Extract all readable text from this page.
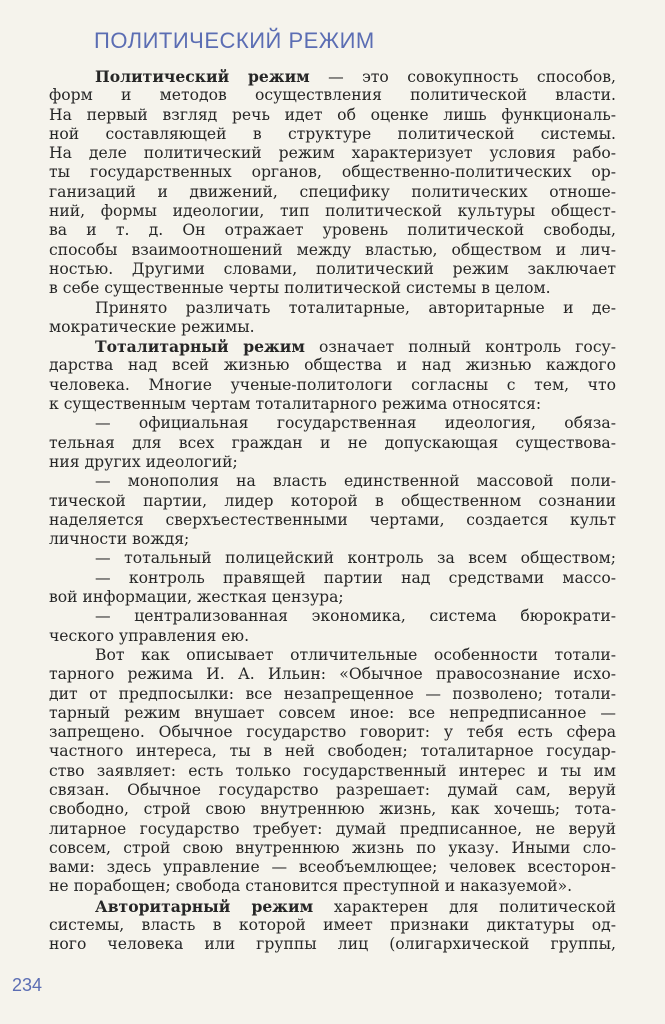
ПОЛИТИЧЕСКИЙ РЕЖИМ
Политический режим — это совокупность способов,
форм и методов осуществления политической власти.
На первый взгляд речь идет об оценке лишь функциональ-
ной составляющей в структуре политической системы.
На деле политический режим характеризует условия рабо-
ты государственных органов, общественно-политических ор-
ганизаций и движений, специфику политических отноше-
ний, формы идеологии, тип политической культуры общест-
ва и т. д. Он отражает уровень политической свободы,
способы взаимоотношений между властью, обществом и лич-
ностью. Другими словами, политический режим заключает
в себе существенные черты политической системы в целом.
Принято различать тоталитарные, авторитарные и де-
мократические режимы.
Тоталитарный режим означает полный контроль госу-
дарства над всей жизнью общества и над жизнью каждого
человека. Многие ученые-политологи согласны с тем, что
к существенным чертам тоталитарного режима относятся:
— официальная государственная идеология, обяза-
тельная для всех граждан и не допускающая существова-
ния других идеологий;
— монополия на власть единственной массовой поли-
тической партии, лидер которой в общественном сознании
наделяется сверхъестественными чертами, создается культ
личности вождя;
— тотальный полицейский контроль за всем обществом;
— контроль правящей партии над средствами массо-
вой информации, жесткая цензура;
— централизованная экономика, система бюрократи-
ческого управления ею.
Вот как описывает отличительные особенности тотали-
тарного режима И. А. Ильин: «Обычное правосознание исхо-
дит от предпосылки: все незапрещенное — позволено; тотали-
тарный режим внушает совсем иное: все непредписанное —
запрещено. Обычное государство говорит: у тебя есть сфера
частного интереса, ты в ней свободен; тоталитарное государ-
ство заявляет: есть только государственный интерес и ты им
связан. Обычное государство разрешает: думай сам, веруй
свободно, строй свою внутреннюю жизнь, как хочешь; тота-
литарное государство требует: думай предписанное, не веруй
совсем, строй свою внутреннюю жизнь по указу. Иными сло-
вами: здесь управление — всеобъемлющее; человек всесторон-
не порабощен; свобода становится преступной и наказуемой».
Авторитарный режим характерен для политической
системы, власть в которой имеет признаки диктатуры од-
ного человека или группы лиц (олигархической группы,
234
